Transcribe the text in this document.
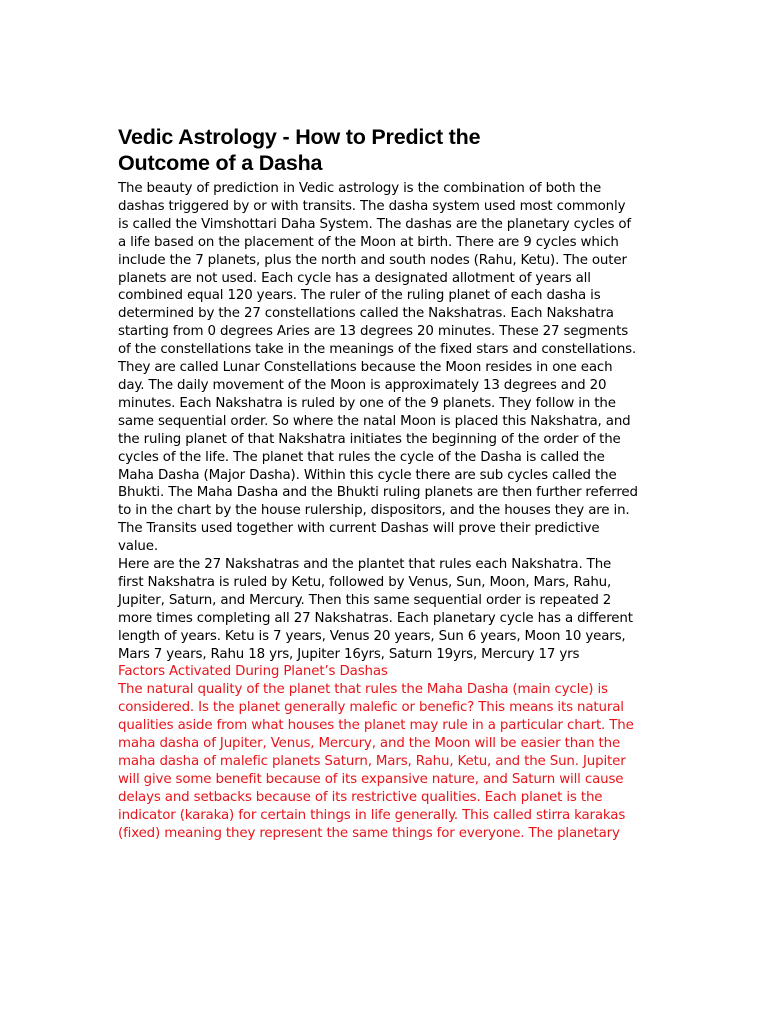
Vedic Astrology - How to Predict the
Outcome of a Dasha

The beauty of prediction in Vedic astrology is the combination of both the dashas triggered by or with transits. The dasha system used most commonly is called the Vimshottari Daha System. The dashas are the planetary cycles of a life based on the placement of the Moon at birth. There are 9 cycles which include the 7 planets, plus the north and south nodes (Rahu, Ketu). The outer planets are not used. Each cycle has a designated allotment of years all combined equal 120 years. The ruler of the ruling planet of each dasha is determined by the 27 constellations called the Nakshatras. Each Nakshatra starting from 0 degrees Aries are 13 degrees 20 minutes. These 27 segments of the constellations take in the meanings of the fixed stars and constellations. They are called Lunar Constellations because the Moon resides in one each day. The daily movement of the Moon is approximately 13 degrees and 20 minutes. Each Nakshatra is ruled by one of the 9 planets. They follow in the same sequential order. So where the natal Moon is placed this Nakshatra, and the ruling planet of that Nakshatra initiates the beginning of the order of the cycles of the life. The planet that rules the cycle of the Dasha is called the Maha Dasha (Major Dasha). Within this cycle there are sub cycles called the Bhukti. The Maha Dasha and the Bhukti ruling planets are then further referred to in the chart by the house rulership, dispositors, and the houses they are in. The Transits used together with current Dashas will prove their predictive value.

Here are the 27 Nakshatras and the plantet that rules each Nakshatra. The first Nakshatra is ruled by Ketu, followed by Venus, Sun, Moon, Mars, Rahu, Jupiter, Saturn, and Mercury. Then this same sequential order is repeated 2 more times completing all 27 Nakshatras. Each planetary cycle has a different length of years. Ketu is 7 years, Venus 20 years, Sun 6 years, Moon 10 years, Mars 7 years, Rahu 18 yrs, Jupiter 16yrs, Saturn 19yrs, Mercury 17 yrs

Factors Activated During Planet’s Dashas

The natural quality of the planet that rules the Maha Dasha (main cycle) is considered. Is the planet generally malefic or benefic? This means its natural qualities aside from what houses the planet may rule in a particular chart. The maha dasha of Jupiter, Venus, Mercury, and the Moon will be easier than the maha dasha of malefic planets Saturn, Mars, Rahu, Ketu, and the Sun. Jupiter will give some benefit because of its expansive nature, and Saturn will cause delays and setbacks because of its restrictive qualities. Each planet is the indicator (karaka) for certain things in life generally. This called stirra karakas (fixed) meaning they represent the same things for everyone. The planetary
